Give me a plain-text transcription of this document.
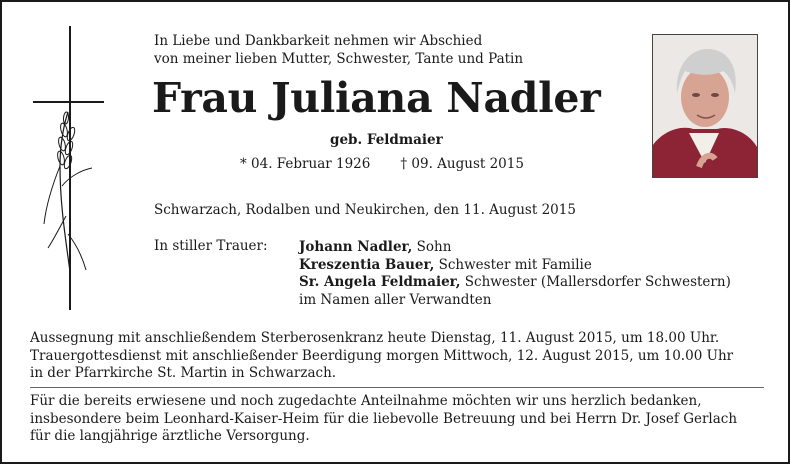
In Liebe und Dankbarkeit nehmen wir Abschied
von meiner lieben Mutter, Schwester, Tante und Patin
Frau Juliana Nadler
geb. Feldmaier
* 04. Februar 1926 † 09. August 2015
Schwarzach, Rodalben und Neukirchen, den 11. August 2015
In stiller Trauer: Johann Nadler, Sohn
Kreszentia Bauer, Schwester mit Familie
Sr. Angela Feldmaier, Schwester (Mallersdorfer Schwestern)
im Namen aller Verwandten
Aussegnung mit anschließendem Sterberosenkranz heute Dienstag, 11. August 2015, um 18.00 Uhr.
Trauergottesdienst mit anschließender Beerdigung morgen Mittwoch, 12. August 2015, um 10.00 Uhr
in der Pfarrkirche St. Martin in Schwarzach.
Für die bereits erwiesene und noch zugedachte Anteilnahme möchten wir uns herzlich bedanken,
insbesondere beim Leonhard-Kaiser-Heim für die liebevolle Betreuung und bei Herrn Dr. Josef Gerlach
für die langjährige ärztliche Versorgung.
